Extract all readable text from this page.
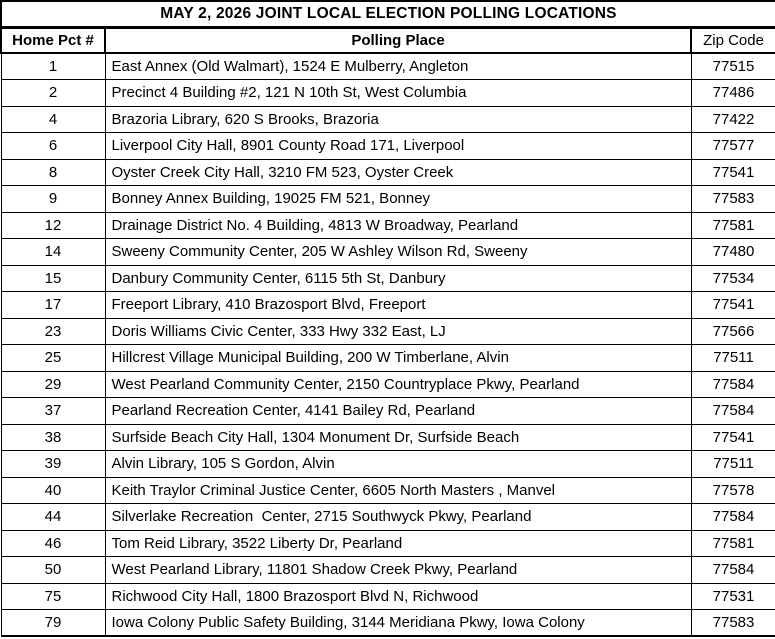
MAY 2, 2026 JOINT LOCAL ELECTION POLLING LOCATIONS		
Home Pct #	Polling Place	Zip Code
1	East Annex (Old Walmart), 1524 E Mulberry, Angleton	77515
2	Precinct 4 Building #2, 121 N 10th St, West Columbia	77486
4	Brazoria Library, 620 S Brooks, Brazoria	77422
6	Liverpool City Hall, 8901 County Road 171, Liverpool	77577
8	Oyster Creek City Hall, 3210 FM 523, Oyster Creek	77541
9	Bonney Annex Building, 19025 FM 521, Bonney	77583
12	Drainage District No. 4 Building, 4813 W Broadway, Pearland	77581
14	Sweeny Community Center, 205 W Ashley Wilson Rd, Sweeny	77480
15	Danbury Community Center, 6115 5th St, Danbury	77534
17	Freeport Library, 410 Brazosport Blvd, Freeport	77541
23	Doris Williams Civic Center, 333 Hwy 332 East, LJ	77566
25	Hillcrest Village Municipal Building, 200 W Timberlane, Alvin	77511
29	West Pearland Community Center, 2150 Countryplace Pkwy, Pearland	77584
37	Pearland Recreation Center, 4141 Bailey Rd, Pearland	77584
38	Surfside Beach City Hall, 1304 Monument Dr, Surfside Beach	77541
39	Alvin Library, 105 S Gordon, Alvin	77511
40	Keith Traylor Criminal Justice Center, 6605 North Masters , Manvel	77578
44	Silverlake Recreation  Center, 2715 Southwyck Pkwy, Pearland	77584
46	Tom Reid Library, 3522 Liberty Dr, Pearland	77581
50	West Pearland Library, 11801 Shadow Creek Pkwy, Pearland	77584
75	Richwood City Hall, 1800 Brazosport Blvd N, Richwood	77531
79	Iowa Colony Public Safety Building, 3144 Meridiana Pkwy, Iowa Colony	77583
